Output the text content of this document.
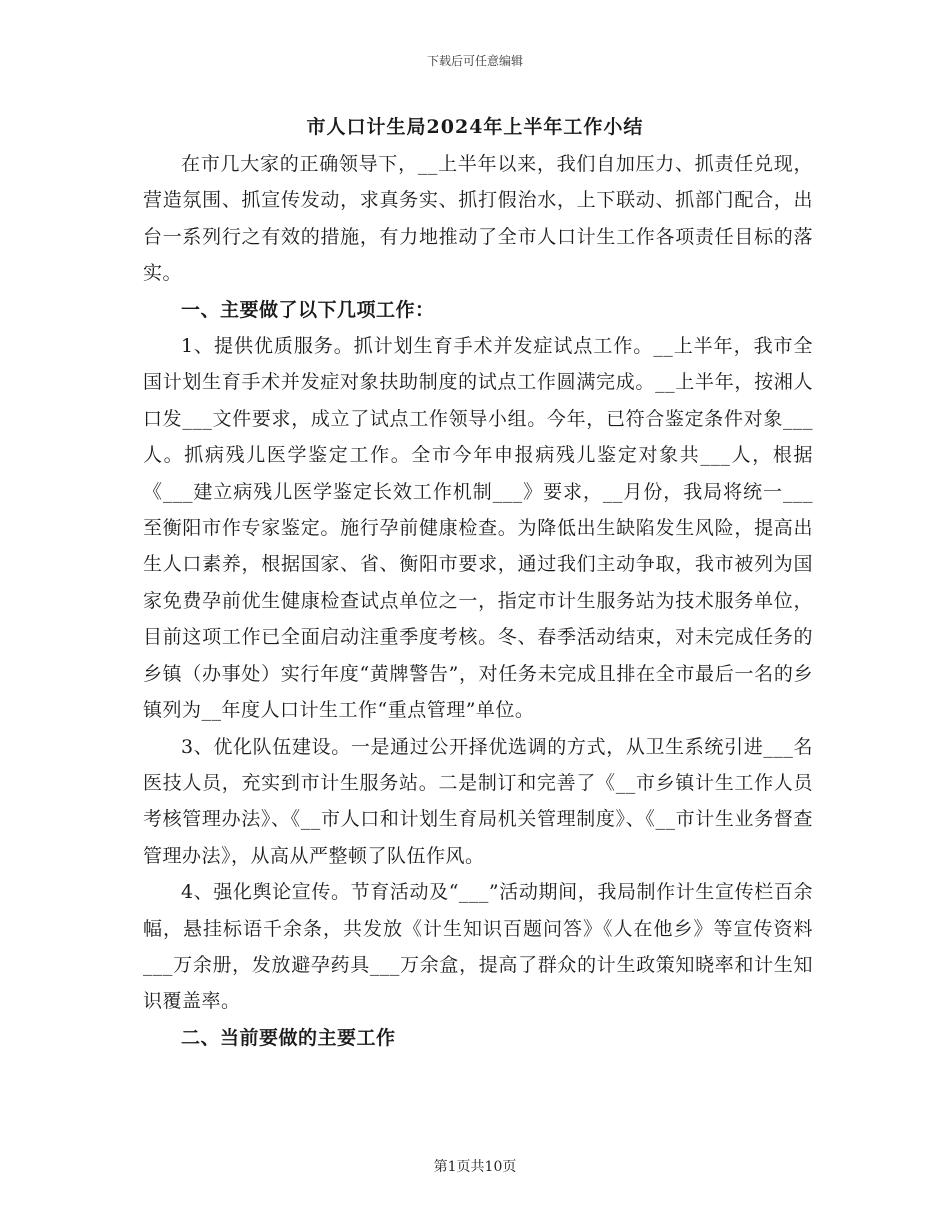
下载后可任意编辑
市人口计生局2024年上半年工作小结

在市几大家的正确领导下，__上半年以来，我们自加压力、抓责任兑现，营造氛围、抓宣传发动，求真务实、抓打假治水，上下联动、抓部门配合，出台一系列行之有效的措施，有力地推动了全市人口计生工作各项责任目标的落实。

一、主要做了以下几项工作：

1、提供优质服务。抓计划生育手术并发症试点工作。__上半年，我市全国计划生育手术并发症对象扶助制度的试点工作圆满完成。__上半年，按湘人口发___文件要求，成立了试点工作领导小组。今年，已符合鉴定条件对象___人。抓病残儿医学鉴定工作。全市今年申报病残儿鉴定对象共___人，根据《___建立病残儿医学鉴定长效工作机制___》要求，__月份，我局将统一___至衡阳市作专家鉴定。施行孕前健康检查。为降低出生缺陷发生风险，提高出生人口素养，根据国家、省、衡阳市要求，通过我们主动争取，我市被列为国家免费孕前优生健康检查试点单位之一，指定市计生服务站为技术服务单位，目前这项工作已全面启动注重季度考核。冬、春季活动结束，对未完成任务的乡镇（办事处）实行年度“黄牌警告”，对任务未完成且排在全市最后一名的乡镇列为__年度人口计生工作“重点管理”单位。

3、优化队伍建设。一是通过公开择优选调的方式，从卫生系统引进___名医技人员，充实到市计生服务站。二是制订和完善了《__市乡镇计生工作人员考核管理办法》、《__市人口和计划生育局机关管理制度》、《__市计生业务督查管理办法》，从高从严整顿了队伍作风。

4、强化舆论宣传。节育活动及“___”活动期间，我局制作计生宣传栏百余幅，悬挂标语千余条，共发放《计生知识百题问答》《人在他乡》等宣传资料___万余册，发放避孕药具___万余盒，提高了群众的计生政策知晓率和计生知识覆盖率。

二、当前要做的主要工作

第1页共10页
